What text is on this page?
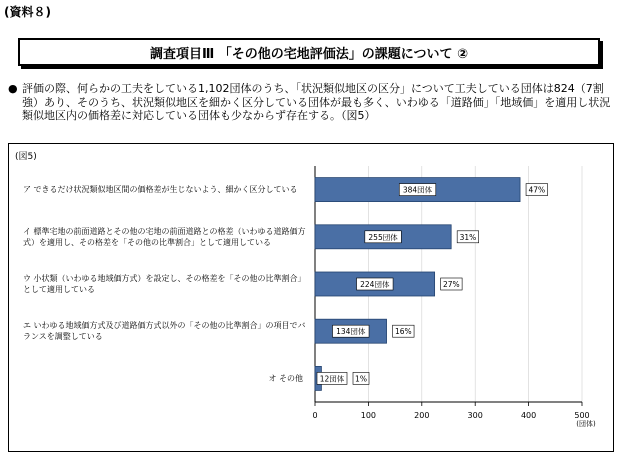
(資料８)
調査項目Ⅲ 「その他の宅地評価法」の課題について ②
● 評価の際、何らかの工夫をしている1,102団体のうち、「状況類似地区の区分」について工夫している団体は824（7割強）あり、そのうち、状況類似地区を細かく区分している団体が最も多く、いわゆる「道路価」「地域価」を適用し状況類似地区内の価格差に対応している団体も少なからず存在する。（図5）
(図5)
0	100	200	300	400	500
(団体)
384団体	47%
ア できるだけ状況類似地区間の価格差が生じないよう、細かく区分している
255団体	31%
イ 標準宅地の前面道路とその他の宅地の前面道路との格差（いわゆる道路価方式）を適用し、その格差を「その他の比準割合」として適用している
224団体	27%
ウ 小状類（いわゆる地域価方式）を設定し、その格差を「その他の比準割合」として適用している
134団体	16%
エ いわゆる地域価方式及び道路価方式以外の「その他の比準割合」の項目でバランスを調整している
12団体 1%
オ その他
